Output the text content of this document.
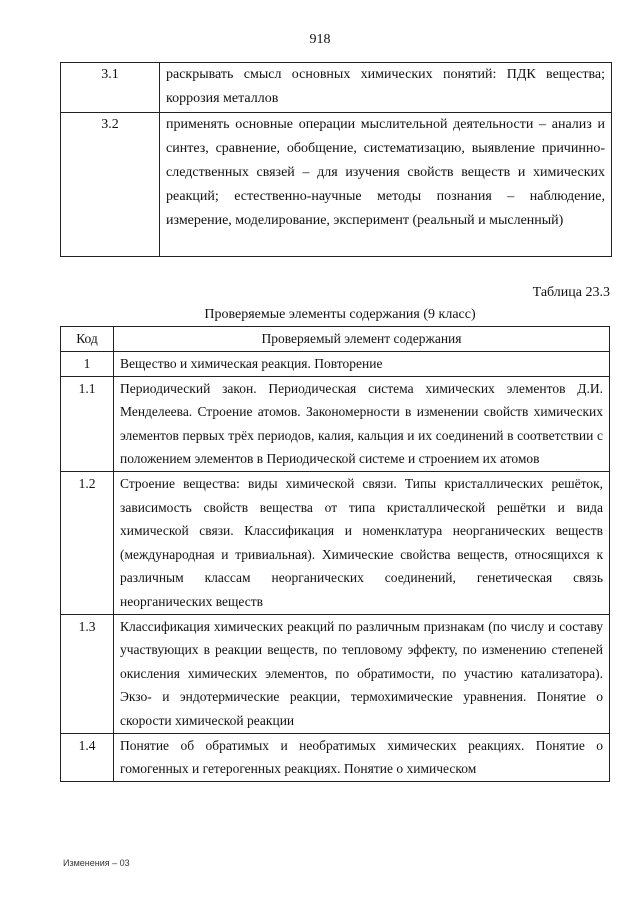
918
3.1	раскрывать смысл основных химических понятий: ПДК вещества; коррозия металлов
3.2	применять основные операции мыслительной деятельности – анализ и синтез, сравнение, обобщение, систематизацию, выявление причинно-следственных связей – для изучения свойств веществ и химических реакций; естественно-научные методы познания – наблюдение, измерение, моделирование, эксперимент (реальный и мысленный)
Таблица 23.3
Проверяемые элементы содержания (9 класс)
Код	Проверяемый элемент содержания
1	Вещество и химическая реакция. Повторение
1.1	Периодический закон. Периодическая система химических элементов Д.И. Менделеева. Строение атомов. Закономерности в изменении свойств химических элементов первых трёх периодов, калия, кальция и их соединений в соответствии с положением элементов в Периодической системе и строением их атомов
1.2	Строение вещества: виды химической связи. Типы кристаллических решёток, зависимость свойств вещества от типа кристаллической решётки и вида химической связи. Классификация и номенклатура неорганических веществ (международная и тривиальная). Химические свойства веществ, относящихся к различным классам неорганических соединений, генетическая связь неорганических веществ
1.3	Классификация химических реакций по различным признакам (по числу и составу участвующих в реакции веществ, по тепловому эффекту, по изменению степеней окисления химических элементов, по обратимости, по участию катализатора). Экзо- и эндотермические реакции, термохимические уравнения. Понятие о скорости химической реакции
1.4	Понятие об обратимых и необратимых химических реакциях. Понятие о гомогенных и гетерогенных реакциях. Понятие о химическом
Изменения – 03
